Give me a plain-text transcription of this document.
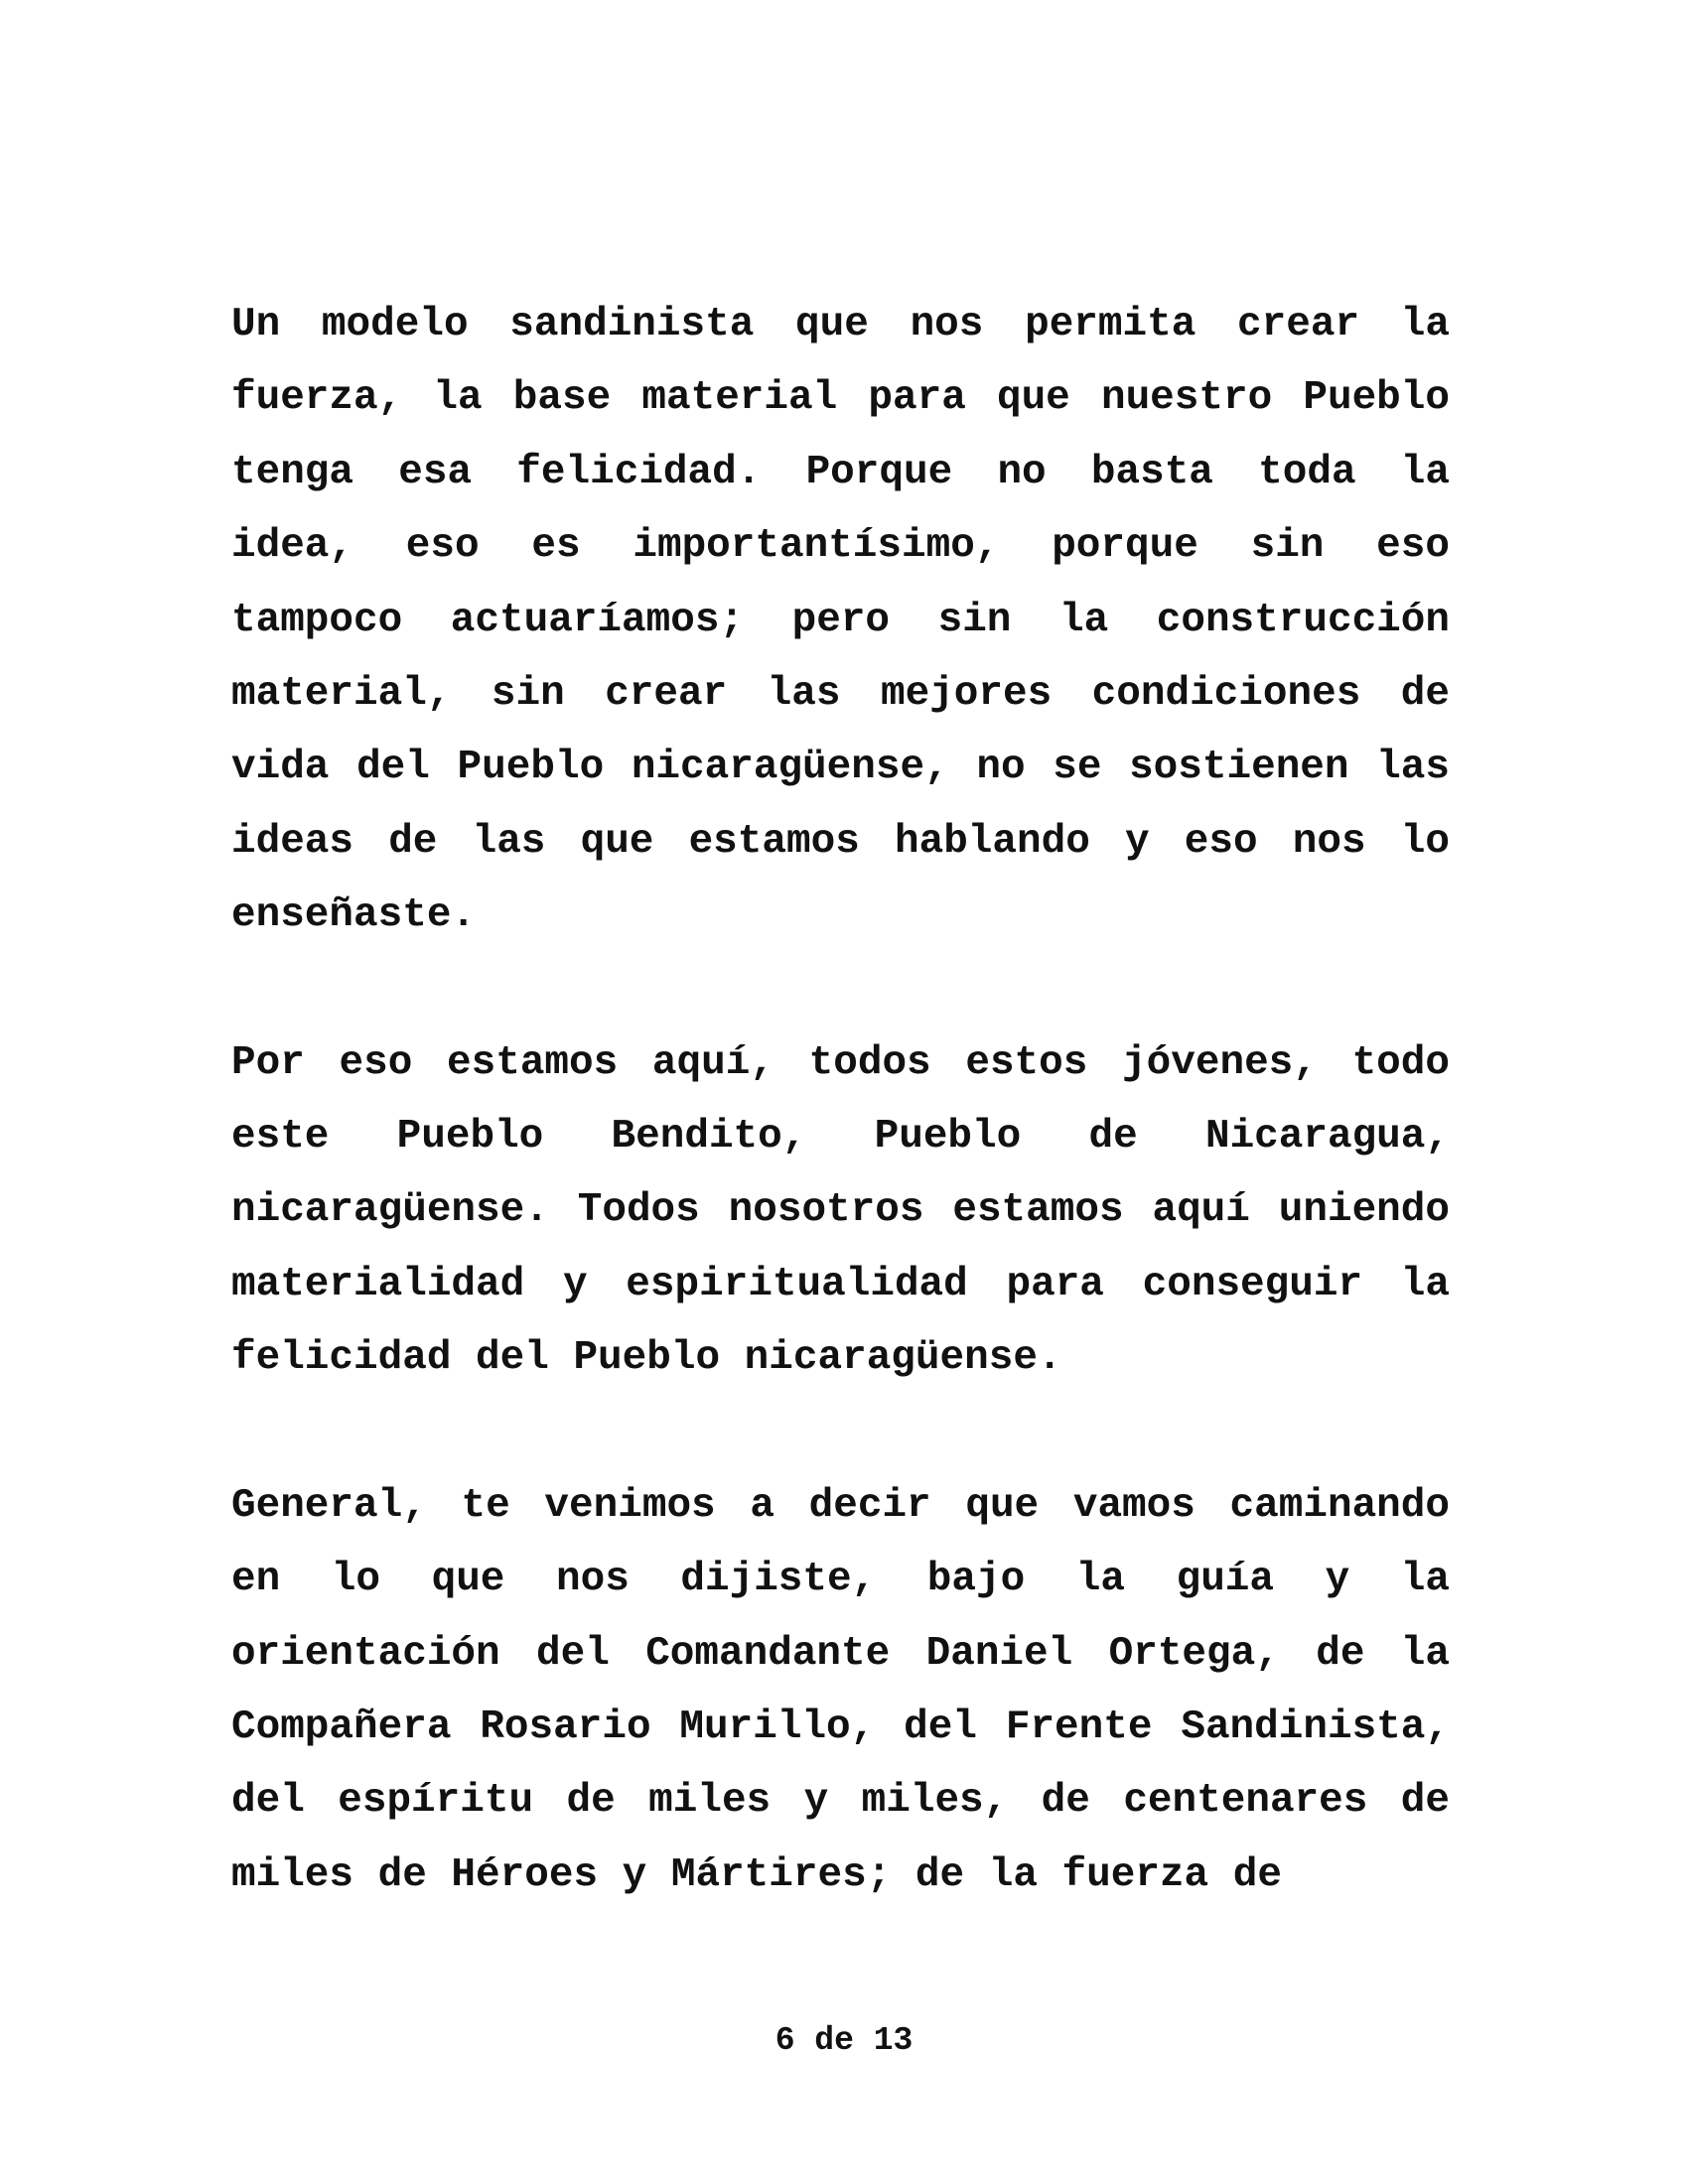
Un modelo sandinista que nos permita crear la fuerza, la base material para que nuestro Pueblo tenga esa felicidad. Porque no basta toda la idea, eso es importantísimo, porque sin eso tampoco actuaríamos; pero sin la construcción material, sin crear las mejores condiciones de vida del Pueblo nicaragüense, no se sostienen las ideas de las que estamos hablando y eso nos lo enseñaste.

Por eso estamos aquí, todos estos jóvenes, todo este Pueblo Bendito, Pueblo de Nicaragua, nicaragüense. Todos nosotros estamos aquí uniendo materialidad y espiritualidad para conseguir la felicidad del Pueblo nicaragüense.

General, te venimos a decir que vamos caminando en lo que nos dijiste, bajo la guía y la orientación del Comandante Daniel Ortega, de la Compañera Rosario Murillo, del Frente Sandinista, del espíritu de miles y miles, de centenares de miles de Héroes y Mártires; de la fuerza de

6 de 13
